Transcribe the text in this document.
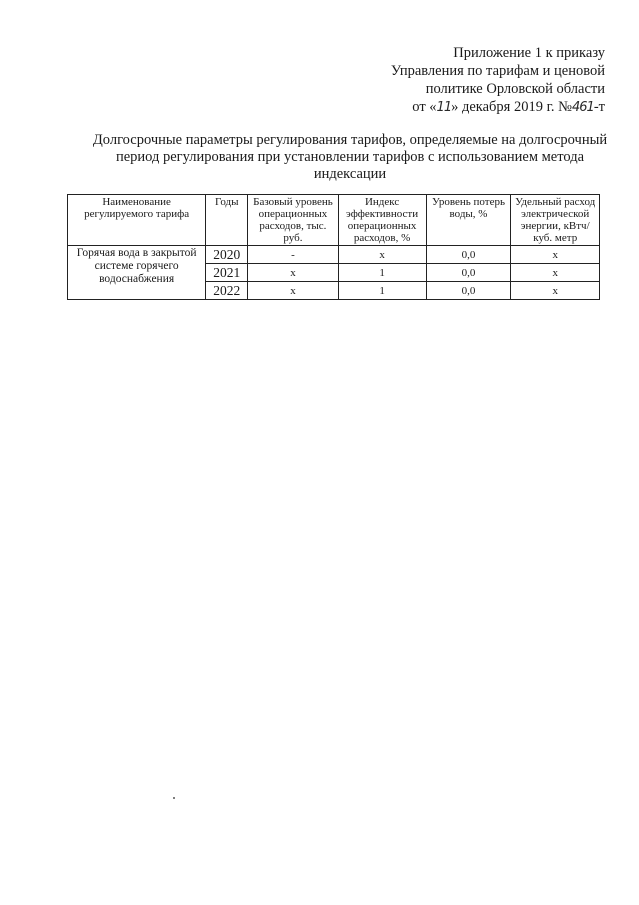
Приложение 1 к приказу
Управления по тарифам и ценовой
политике Орловской области
от «11» декабря 2019 г. №461-т
Долгосрочные параметры регулирования тарифов, определяемые на долгосрочный
период регулирования при установлении тарифов с использованием метода
индексации
Наименование регулируемого тарифа	Годы	Базовый уровень операционных расходов, тыс. руб.	Индекс эффективности операционных расходов, %	Уровень потерь воды, %	Удельный расход электрической энергии, кВтч/куб. метр
Горячая вода в закрытой системе горячего водоснабжения	2020	-	х	0,0	х
	2021	х	1	0,0	х
	2022	х	1	0,0	х
